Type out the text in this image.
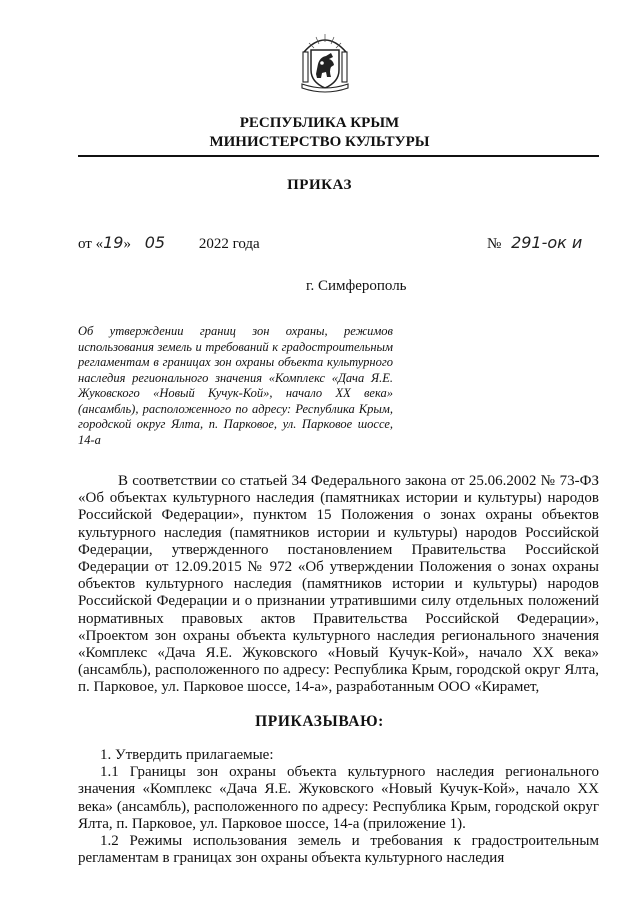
РЕСПУБЛИКА КРЫМ
МИНИСТЕРСТВО КУЛЬТУРЫ
ПРИКАЗ
от «19» 05 2022 года	№ 291-ок и
г. Симферополь
Об утверждении границ зон охраны, режимов использования земель и требований к градостроительным регламентам в границах зон охраны объекта культурного наследия регионального значения «Комплекс «Дача Я.Е. Жуковского «Новый Кучук-Кой», начало XX века» (ансамбль), расположенного по адресу: Республика Крым, городской округ Ялта, п. Парковое, ул. Парковое шоссе, 14-а

В соответствии со статьей 34 Федерального закона от 25.06.2002 № 73-ФЗ «Об объектах культурного наследия (памятниках истории и культуры) народов Российской Федерации», пунктом 15 Положения о зонах охраны объектов культурного наследия (памятников истории и культуры) народов Российской Федерации, утвержденного постановлением Правительства Российской Федерации от 12.09.2015 № 972 «Об утверждении Положения о зонах охраны объектов культурного наследия (памятников истории и культуры) народов Российской Федерации и о признании утратившими силу отдельных положений нормативных правовых актов Правительства Российской Федерации», «Проектом зон охраны объекта культурного наследия регионального значения «Комплекс «Дача Я.Е. Жуковского «Новый Кучук-Кой», начало XX века» (ансамбль), расположенного по адресу: Республика Крым, городской округ Ялта, п. Парковое, ул. Парковое шоссе, 14-а», разработанным ООО «Кирамет,

ПРИКАЗЫВАЮ:

1. Утвердить прилагаемые:

1.1 Границы зон охраны объекта культурного наследия регионального значения «Комплекс «Дача Я.Е. Жуковского «Новый Кучук-Кой», начало XX века» (ансамбль), расположенного по адресу: Республика Крым, городской округ Ялта, п. Парковое, ул. Парковое шоссе, 14-а (приложение 1).

1.2 Режимы использования земель и требования к градостроительным регламентам в границах зон охраны объекта культурного наследия
